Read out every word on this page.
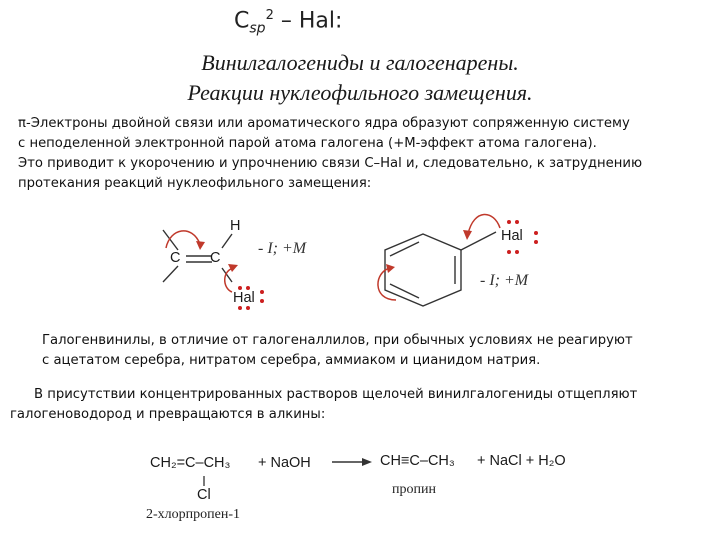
$C_{sp}^2$ – Hal:
Винилгалогениды и галогенарены.
Реакции нуклеофильного замещения.
π-Электроны двойной связи или ароматического ядра образуют сопряженную систему
с неподеленной электронной парой атома галогена (+М-эффект атома галогена).
Это приводит к укорочению и упрочнению связи С–Hal и, следовательно, к затруднению
протекания реакций нуклеофильного замещения:
C C
H
Hal
- I; +M
Hal
- I; +M
Галогенвинилы, в отличие от галогеналлилов, при обычных условиях не реагируют
с ацетатом серебра, нитратом серебра, аммиаком и цианидом натрия.
В присутствии концентрированных растворов щелочей винилгалогениды отщепляют
галогеноводород и превращаются в алкины:
CH₂=C–CH₃ + NaOH
Cl
2-хлорпропен-1
CH≡C–CH₃ + NaCl + H₂O
пропин
